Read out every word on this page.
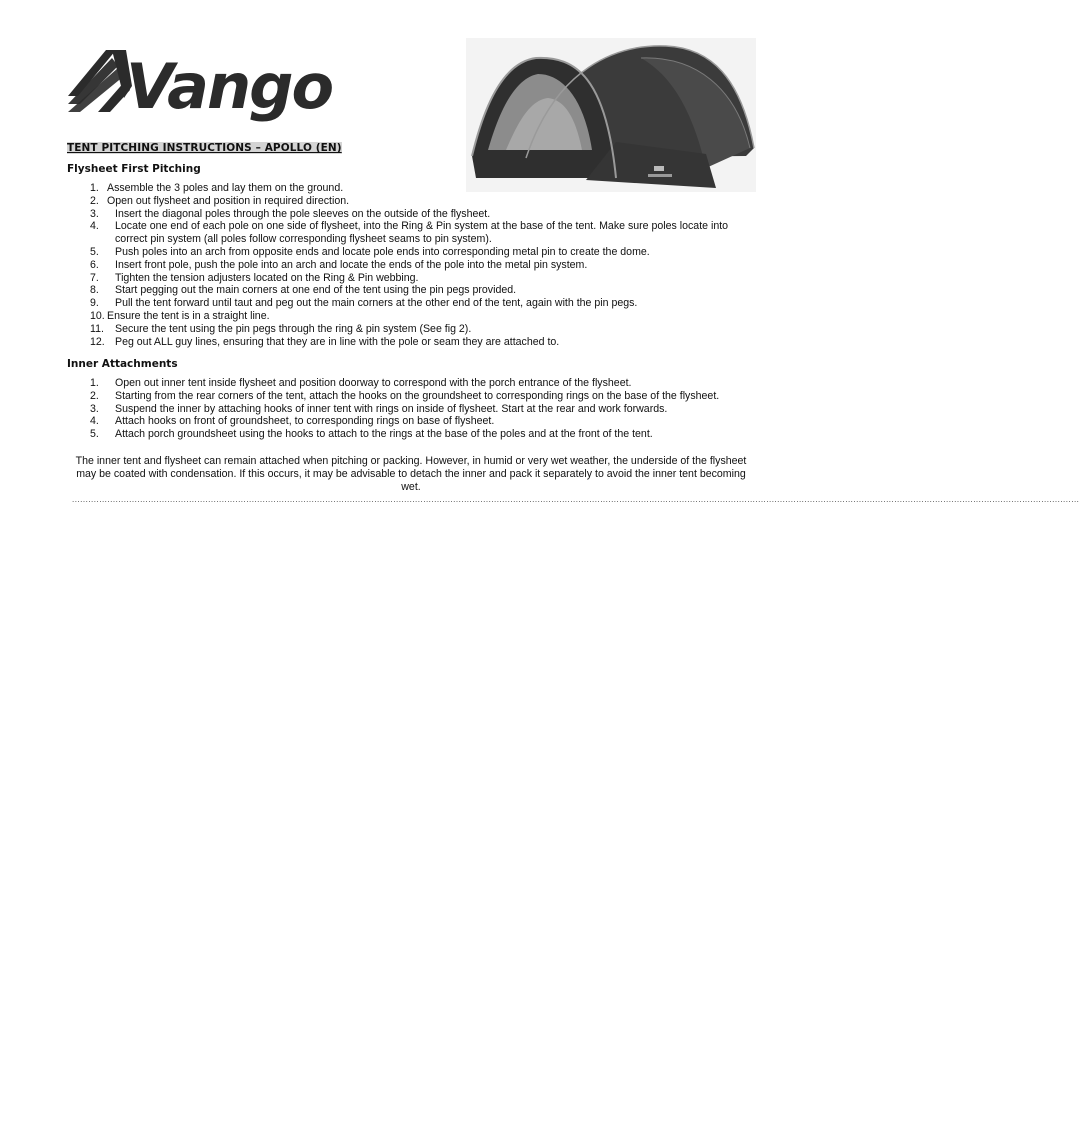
Vango
TENT PITCHING INSTRUCTIONS – APOLLO (EN)
Flysheet First Pitching
1. Assemble the 3 poles and lay them on the ground.
2. Open out flysheet and position in required direction.
3. Insert the diagonal poles through the pole sleeves on the outside of the flysheet.
4. Locate one end of each pole on one side of flysheet, into the Ring & Pin system at the base of the tent. Make sure poles locate into correct pin system (all poles follow corresponding flysheet seams to pin system).
5. Push poles into an arch from opposite ends and locate pole ends into corresponding metal pin to create the dome.
6. Insert front pole, push the pole into an arch and locate the ends of the pole into the metal pin system.
7. Tighten the tension adjusters located on the Ring & Pin webbing.
8. Start pegging out the main corners at one end of the tent using the pin pegs provided.
9. Pull the tent forward until taut and peg out the main corners at the other end of the tent, again with the pin pegs.
10. Ensure the tent is in a straight line.
11. Secure the tent using the pin pegs through the ring & pin system (See fig 2).
12. Peg out ALL guy lines, ensuring that they are in line with the pole or seam they are attached to.
Inner Attachments
1. Open out inner tent inside flysheet and position doorway to correspond with the porch entrance of the flysheet.
2. Starting from the rear corners of the tent, attach the hooks on the groundsheet to corresponding rings on the base of the flysheet.
3. Suspend the inner by attaching hooks of inner tent with rings on inside of flysheet. Start at the rear and work forwards.
4. Attach hooks on front of groundsheet, to corresponding rings on base of flysheet.
5. Attach porch groundsheet using the hooks to attach to the rings at the base of the poles and at the front of the tent.
The inner tent and flysheet can remain attached when pitching or packing. However, in humid or very wet weather, the underside of the flysheet may be coated with condensation. If this occurs, it may be advisable to detach the inner and pack it separately to avoid the inner tent becoming wet.
..................................................................................................................................................................................................................................................................................................................................................................................
